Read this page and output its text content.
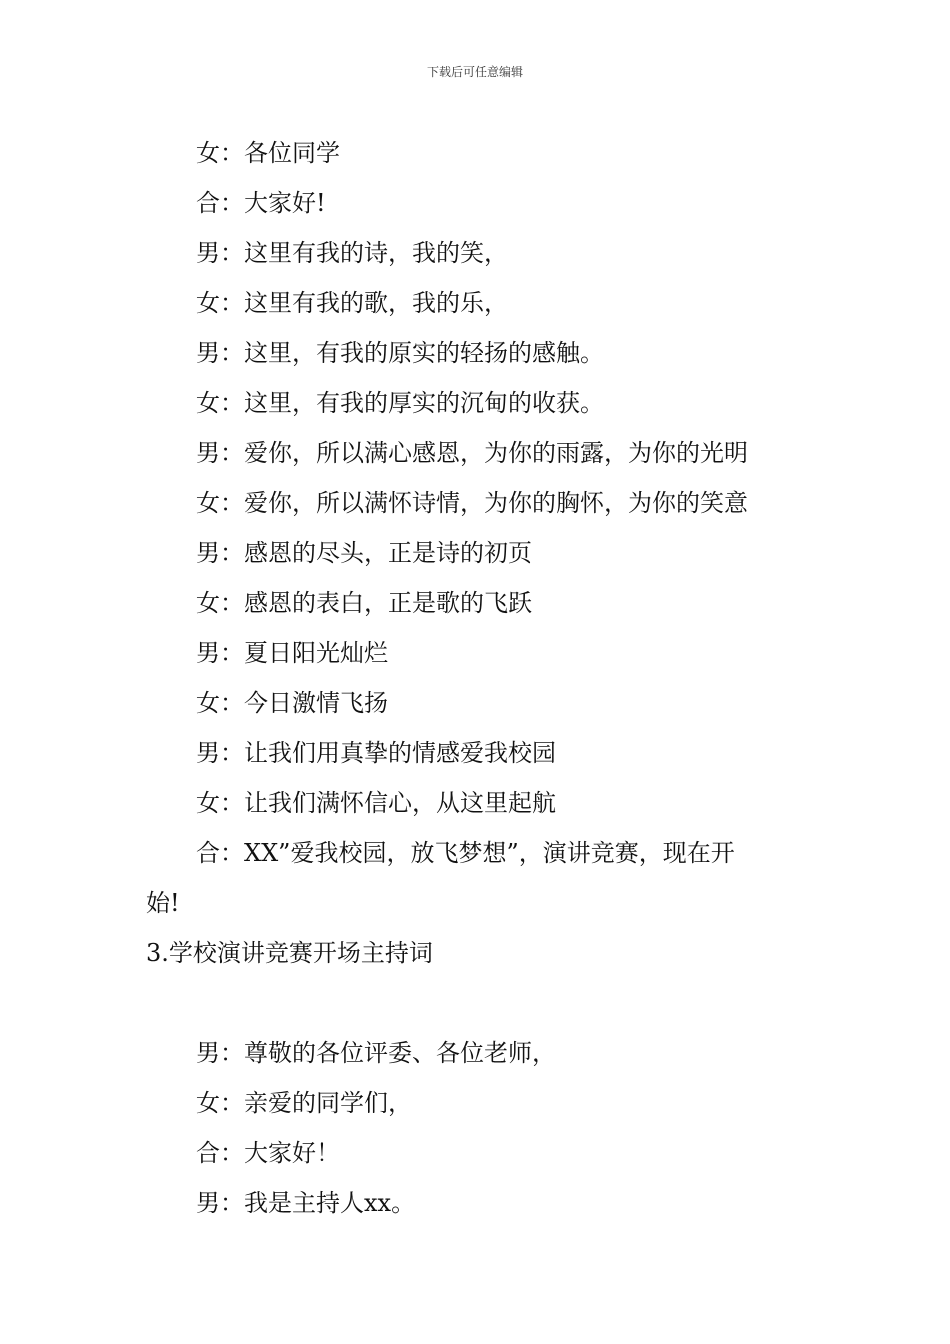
下载后可任意编辑
女：各位同学
合：大家好!
男：这里有我的诗，我的笑，
女：这里有我的歌，我的乐，
男：这里，有我的原实的轻扬的感触。
女：这里，有我的厚实的沉甸的收获。
男：爱你，所以满心感恩，为你的雨露，为你的光明
女：爱你，所以满怀诗情，为你的胸怀，为你的笑意
男：感恩的尽头，正是诗的初页
女：感恩的表白，正是歌的飞跃
男：夏日阳光灿烂
女：今日激情飞扬
男：让我们用真挚的情感爱我校园
女：让我们满怀信心，从这里起航
合：XX”爱我校园，放飞梦想”，演讲竞赛，现在开
始!
3.学校演讲竞赛开场主持词
男：尊敬的各位评委、各位老师，
女：亲爱的同学们，
合：大家好！
男：我是主持人xx。
